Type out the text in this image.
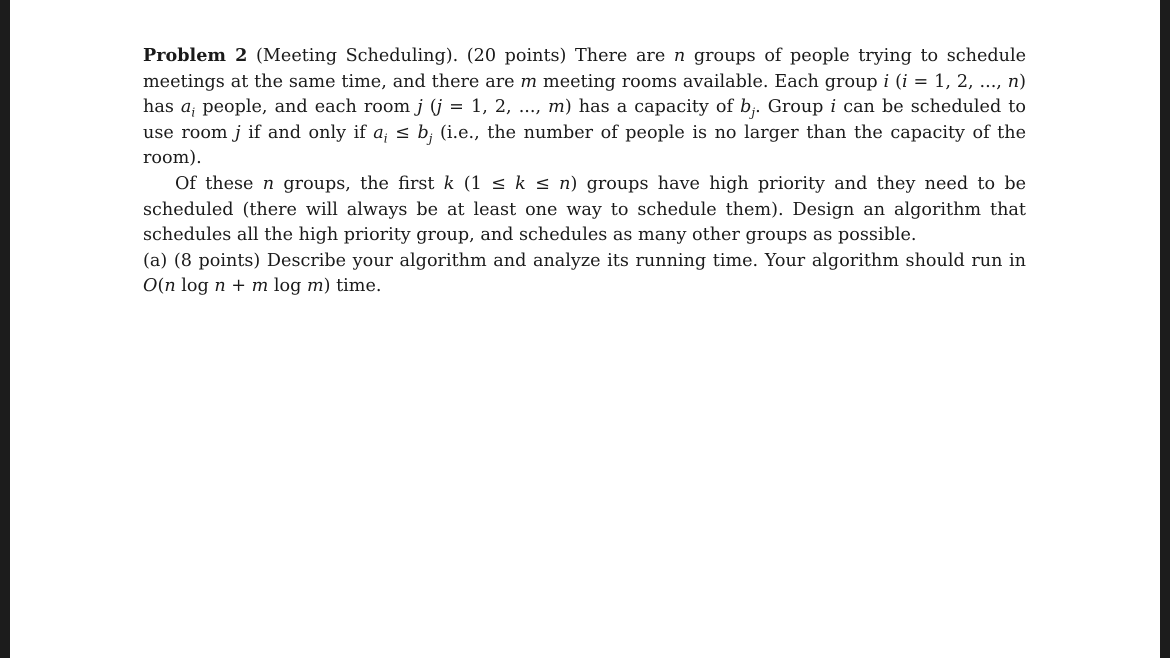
Problem 2 (Meeting Scheduling). (20 points) There are n groups of people trying to schedule meetings at the same time, and there are m meeting rooms available. Each group i (i = 1, 2, ..., n) has $a_i$ people, and each room j (j = 1, 2, ..., m) has a capacity of $b_j$. Group i can be scheduled to use room j if and only if $a_i \le b_j$ (i.e., the number of people is no larger than the capacity of the room).

Of these n groups, the first k (1 ≤ k ≤ n) groups have high priority and they need to be scheduled (there will always be at least one way to schedule them). Design an algorithm that schedules all the high priority group, and schedules as many other groups as possible.

(a) (8 points) Describe your algorithm and analyze its running time. Your algorithm should run in O(n log n + m log m) time.
